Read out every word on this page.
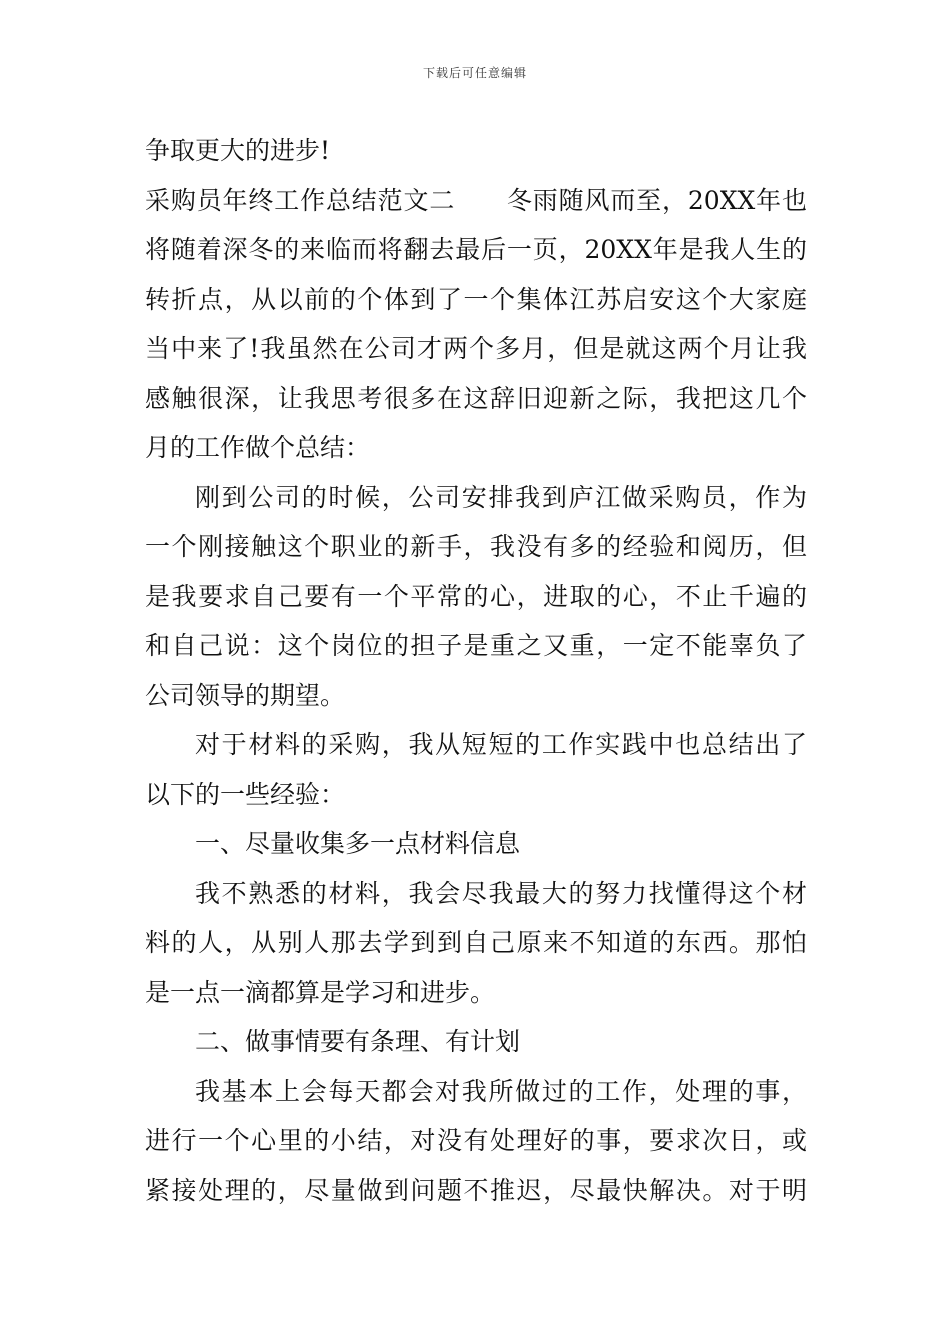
下载后可任意编辑
争取更大的进步!
采购员年终工作总结范文二　　冬雨随风而至，20XX年也
将随着深冬的来临而将翻去最后一页，20XX年是我人生的
转折点，从以前的个体到了一个集体江苏启安这个大家庭
当中来了!我虽然在公司才两个多月，但是就这两个月让我
感触很深，让我思考很多在这辞旧迎新之际，我把这几个
月的工作做个总结：
刚到公司的时候，公司安排我到庐江做采购员，作为
一个刚接触这个职业的新手，我没有多的经验和阅历，但
是我要求自己要有一个平常的心，进取的心，不止千遍的
和自己说：这个岗位的担子是重之又重，一定不能辜负了
公司领导的期望。
对于材料的采购，我从短短的工作实践中也总结出了
以下的一些经验：
一、尽量收集多一点材料信息
我不熟悉的材料，我会尽我最大的努力找懂得这个材
料的人，从别人那去学到到自己原来不知道的东西。那怕
是一点一滴都算是学习和进步。
二、做事情要有条理、有计划
我基本上会每天都会对我所做过的工作，处理的事，
进行一个心里的小结，对没有处理好的事，要求次日，或
紧接处理的，尽量做到问题不推迟，尽最快解决。对于明
